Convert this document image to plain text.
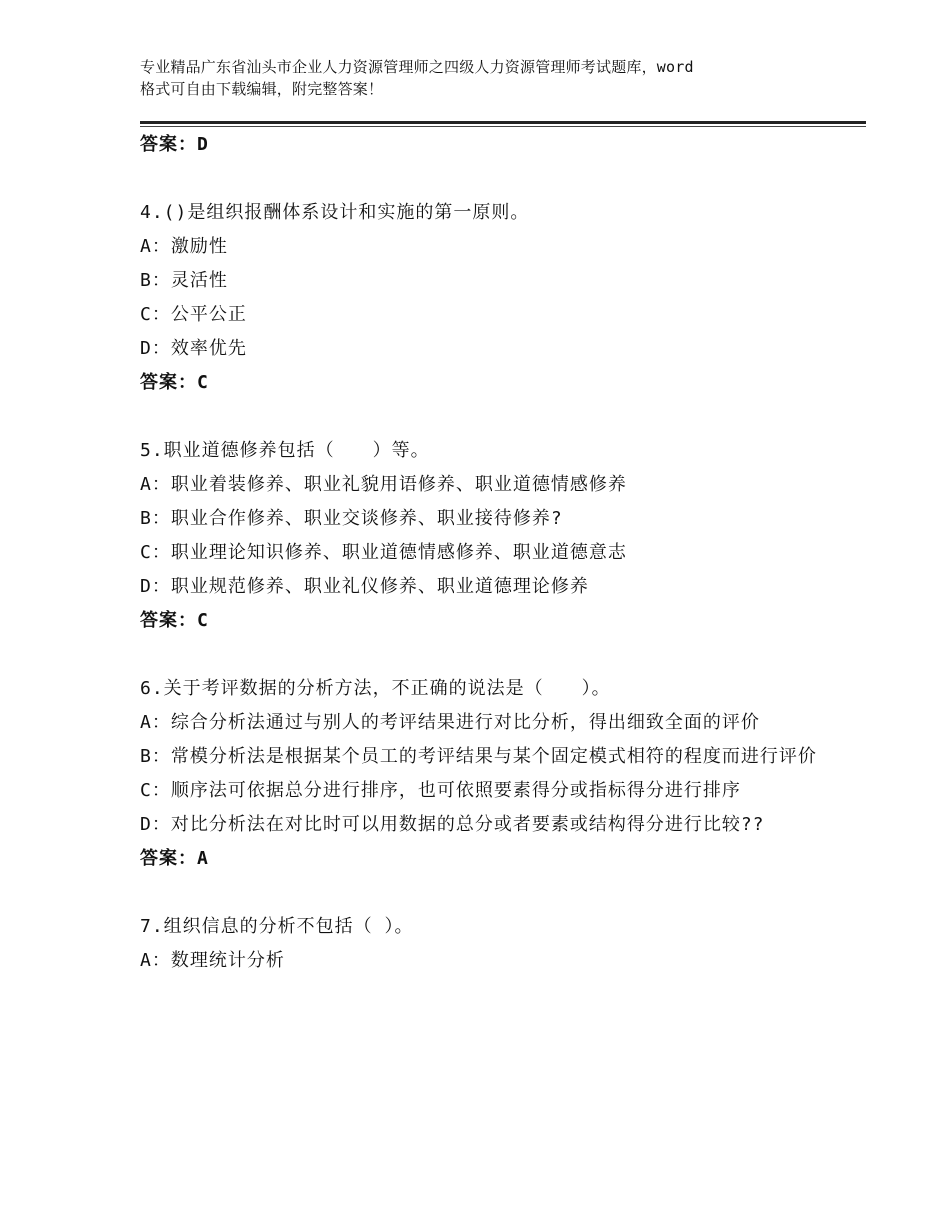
专业精品广东省汕头市企业人力资源管理师之四级人力资源管理师考试题库，word
格式可自由下载编辑，附完整答案！
答案：D
4.()是组织报酬体系设计和实施的第一原则。
A：激励性
B：灵活性
C：公平公正
D：效率优先
答案：C
5.职业道德修养包括（　　）等。
A：职业着装修养、职业礼貌用语修养、职业道德情感修养
B：职业合作修养、职业交谈修养、职业接待修养?
C：职业理论知识修养、职业道德情感修养、职业道德意志
D：职业规范修养、职业礼仪修养、职业道德理论修养
答案：C
6.关于考评数据的分析方法，不正确的说法是（　　）。
A：综合分析法通过与别人的考评结果进行对比分析，得出细致全面的评价
B：常模分析法是根据某个员工的考评结果与某个固定模式相符的程度而进行评价
C：顺序法可依据总分进行排序，也可依照要素得分或指标得分进行排序
D：对比分析法在对比时可以用数据的总分或者要素或结构得分进行比较??
答案：A
7.组织信息的分析不包括（ ）。
A：数理统计分析
